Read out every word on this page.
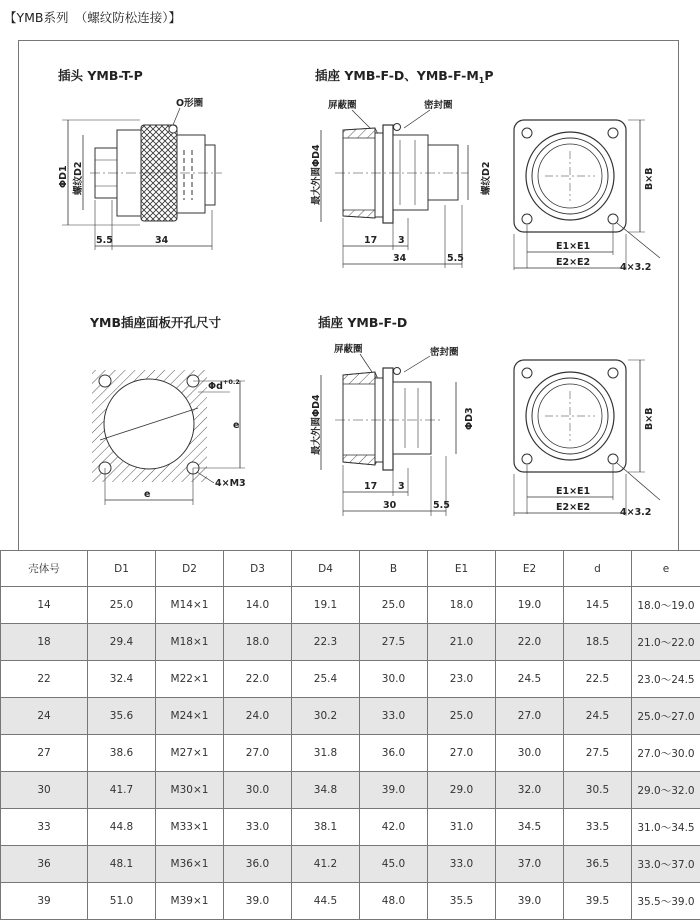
【YMB系列　（螺纹防松连接）】
插头 YMB-T-P
ΦD1 螺纹D2
O形圈
5.5	34
插座 YMB-F-D、YMB-$F-M_1P$
屏蔽圈	密封圈
最大外圆ΦD4	螺纹D2
17 3
34	5.5
B×B
E1×E1
E2×E2	4×3.2
YMB插座面板开孔尺寸
$\Phi d^{+0.2}$
e
e
4×M3
插座 YMB-F-D
屏蔽圈	密封圈
最大外圆ΦD4	ΦD3
17 3
30	5.5
B×B
E1×E1
E2×E2	4×3.2
壳体号	D1	D2	D3	D4	B	E1	E2	d	e
14	25.0	M14×1	14.0	19.1	25.0	18.0	19.0	14.5	18.0～19.0
18	29.4	M18×1	18.0	22.3	27.5	21.0	22.0	18.5	21.0～22.0
22	32.4	M22×1	22.0	25.4	30.0	23.0	24.5	22.5	23.0～24.5
24	35.6	M24×1	24.0	30.2	33.0	25.0	27.0	24.5	25.0～27.0
27	38.6	M27×1	27.0	31.8	36.0	27.0	30.0	27.5	27.0～30.0
30	41.7	M30×1	30.0	34.8	39.0	29.0	32.0	30.5	29.0～32.0
33	44.8	M33×1	33.0	38.1	42.0	31.0	34.5	33.5	31.0～34.5
36	48.1	M36×1	36.0	41.2	45.0	33.0	37.0	36.5	33.0～37.0
39	51.0	M39×1	39.0	44.5	48.0	35.5	39.0	39.5	35.5～39.0
